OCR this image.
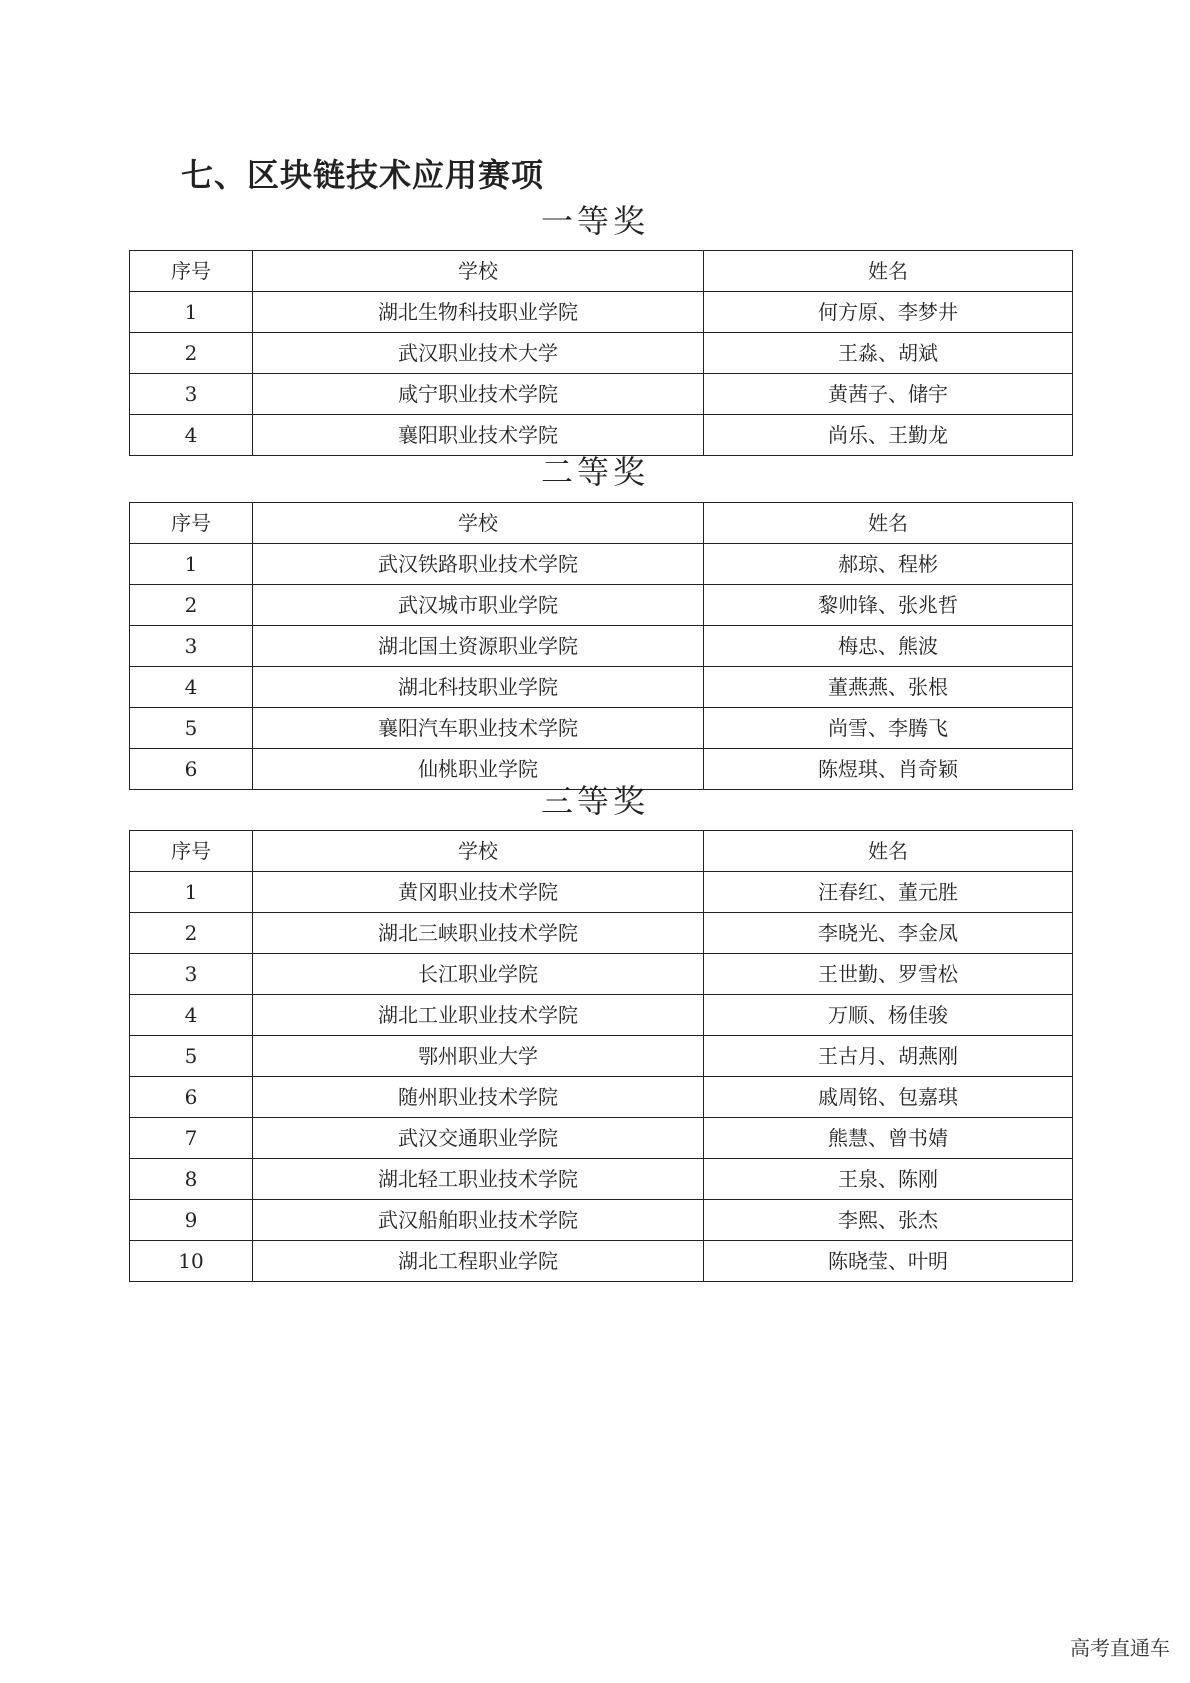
七、区块链技术应用赛项
一等奖
序号	学校	姓名
1	湖北生物科技职业学院	何方原、李梦井
2	武汉职业技术大学	王淼、胡斌
3	咸宁职业技术学院	黄茜子、储宇
4	襄阳职业技术学院	尚乐、王勤龙
二等奖
序号	学校	姓名
1	武汉铁路职业技术学院	郝琼、程彬
2	武汉城市职业学院	黎帅锋、张兆哲
3	湖北国土资源职业学院	梅忠、熊波
4	湖北科技职业学院	董燕燕、张根
5	襄阳汽车职业技术学院	尚雪、李腾飞
6	仙桃职业学院	陈煜琪、肖奇颖
三等奖
序号	学校	姓名
1	黄冈职业技术学院	汪春红、董元胜
2	湖北三峡职业技术学院	李晓光、李金凤
3	长江职业学院	王世勤、罗雪松
4	湖北工业职业技术学院	万顺、杨佳骏
5	鄂州职业大学	王古月、胡燕刚
6	随州职业技术学院	戚周铭、包嘉琪
7	武汉交通职业学院	熊慧、曾书婧
8	湖北轻工职业技术学院	王泉、陈刚
9	武汉船舶职业技术学院	李熙、张杰
10	湖北工程职业学院	陈晓莹、叶明
高考直通车
